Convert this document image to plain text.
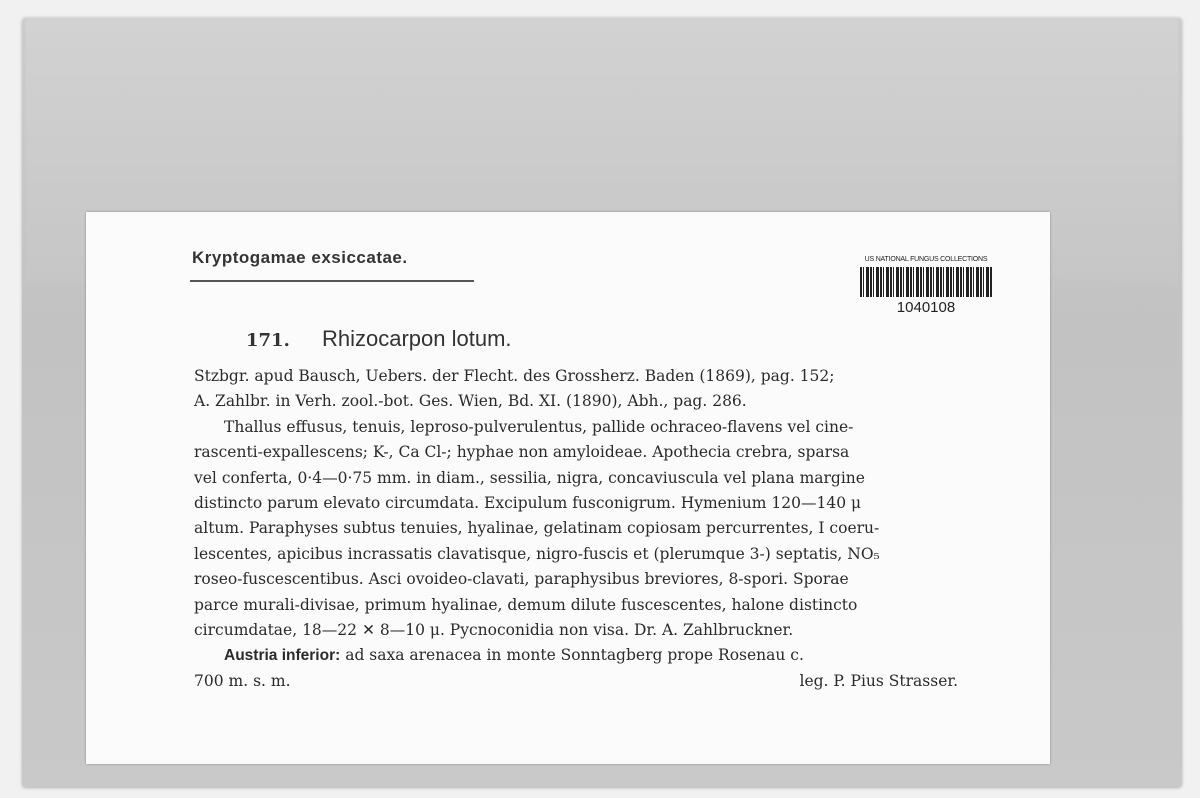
Kryptogamae exsiccatae.	US NATIONAL FUNGUS COLLECTIONS
1040108
171. Rhizocarpon lotum.
Stzbgr. apud Bausch, Uebers. der Flecht. des Grossherz. Baden (1869), pag. 152;
A. Zahlbr. in Verh. zool.-bot. Ges. Wien, Bd. XI. (1890), Abh., pag. 286.
Thallus effusus, tenuis, leproso-pulverulentus, pallide ochraceo-flavens vel cine-
rascenti-expallescens; K-, Ca Cl-; hyphae non amyloideae. Apothecia crebra, sparsa
vel conferta, 0·4—0·75 mm. in diam., sessilia, nigra, concaviuscula vel plana margine
distincto parum elevato circumdata. Excipulum fusconigrum. Hymenium 120—140 μ
altum. Paraphyses subtus tenuies, hyalinae, gelatinam copiosam percurrentes, I coeru-
lescentes, apicibus incrassatis clavatisque, nigro-fuscis et (plerumque 3-) septatis, NO₅
roseo-fuscescentibus. Asci ovoideo-clavati, paraphysibus breviores, 8-spori. Sporae
parce murali-divisae, primum hyalinae, demum dilute fuscescentes, halone distincto
circumdatae, 18—22 ✕ 8—10 μ. Pycnoconidia non visa. Dr. A. Zahlbruckner.
Austria inferior: ad saxa arenacea in monte Sonntagberg prope Rosenau c.
700 m. s. m.	leg. P. Pius Strasser.
